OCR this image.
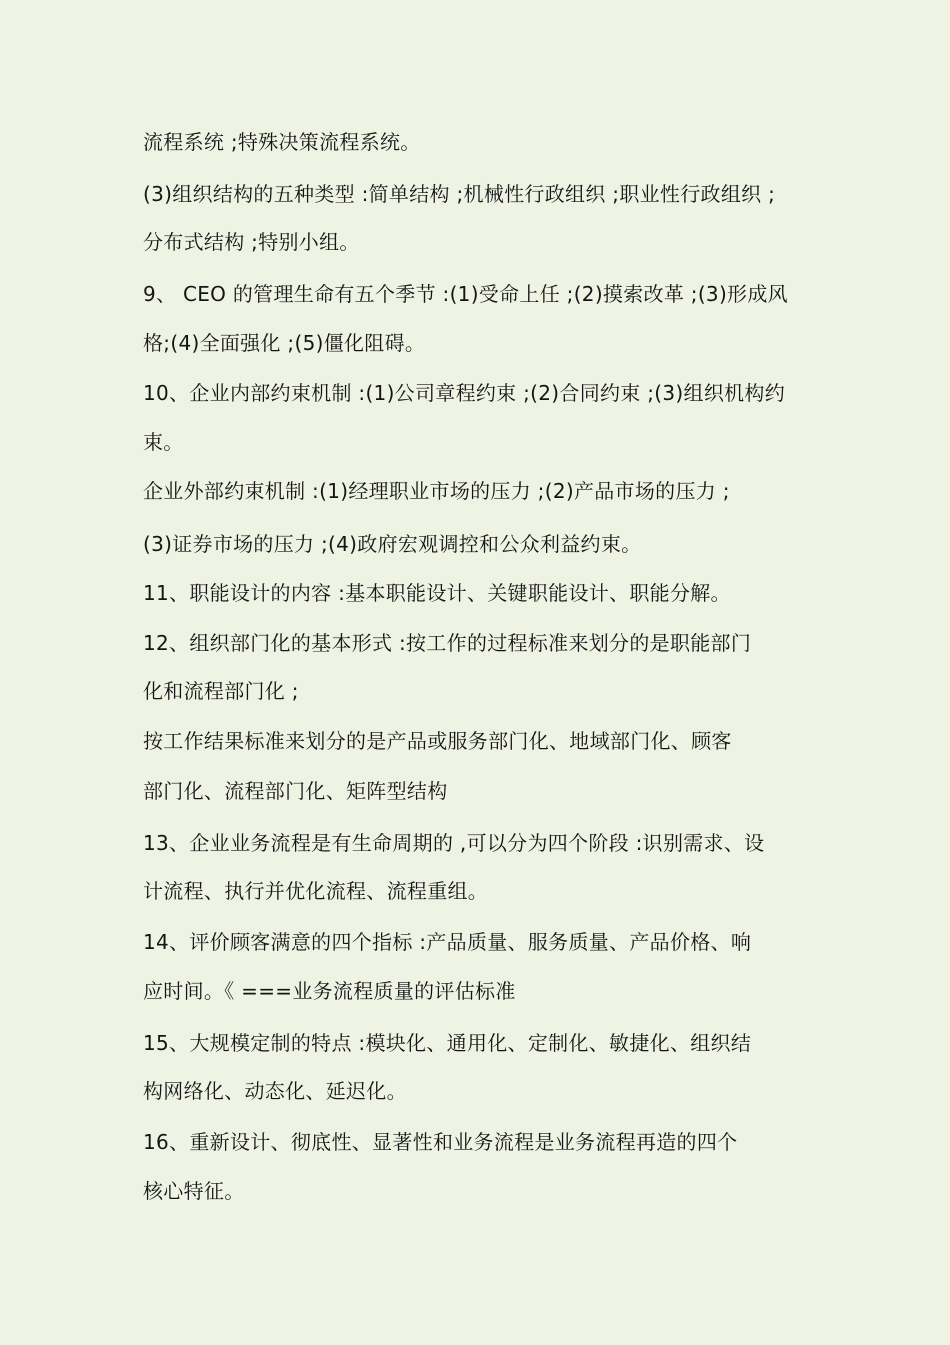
流程系统 ;特殊决策流程系统。
(3)组织结构的五种类型 :简单结构 ;机械性行政组织 ;职业性行政组织 ;
分布式结构 ;特别小组。
9、 CEO 的管理生命有五个季节 :(1)受命上任 ;(2)摸索改革 ;(3)形成风
格;(4)全面强化 ;(5)僵化阻碍。
10、企业内部约束机制 :(1)公司章程约束 ;(2)合同约束 ;(3)组织机构约
束。
企业外部约束机制 :(1)经理职业市场的压力 ;(2)产品市场的压力 ;
(3)证券市场的压力 ;(4)政府宏观调控和公众利益约束。
11、职能设计的内容 :基本职能设计、关键职能设计、职能分解。
12、组织部门化的基本形式 :按工作的过程标准来划分的是职能部门
化和流程部门化 ;
按工作结果标准来划分的是产品或服务部门化、地域部门化、顾客
部门化、流程部门化、矩阵型结构
13、企业业务流程是有生命周期的 ,可以分为四个阶段 :识别需求、设
计流程、执行并优化流程、流程重组。
14、评价顾客满意的四个指标 :产品质量、服务质量、产品价格、响
应时间。《 ===业务流程质量的评估标准
15、大规模定制的特点 :模块化、通用化、定制化、敏捷化、组织结
构网络化、动态化、延迟化。
16、重新设计、彻底性、显著性和业务流程是业务流程再造的四个
核心特征。
